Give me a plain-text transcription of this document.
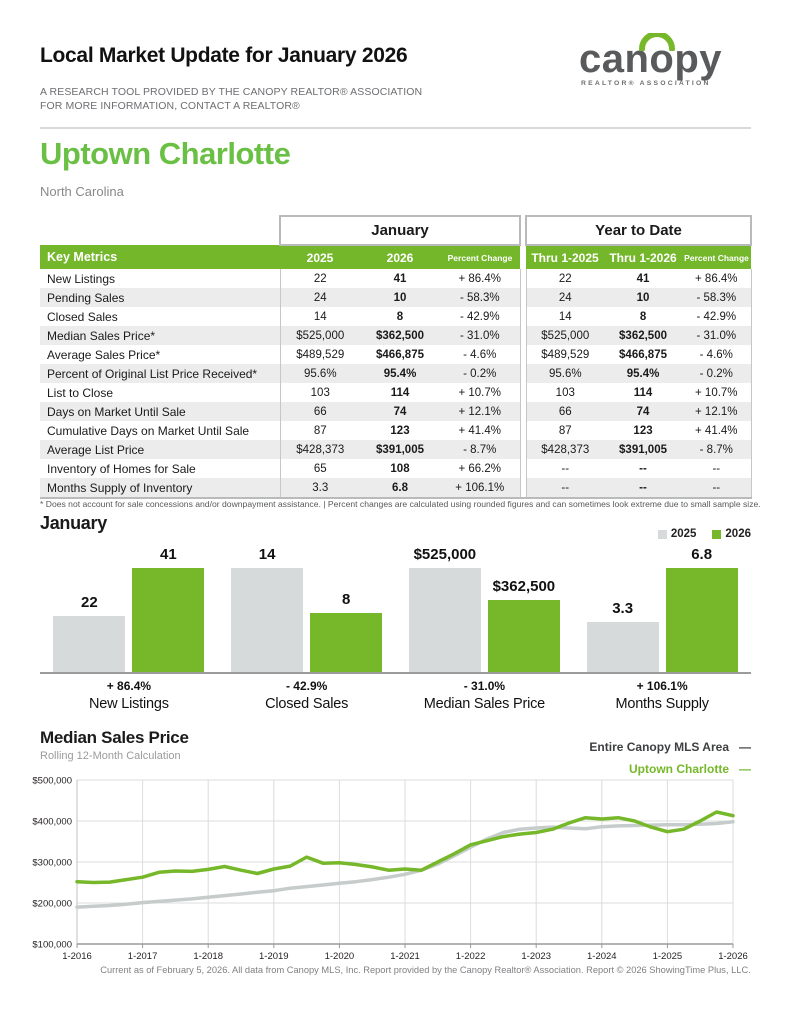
Local Market Update for January 2026
A RESEARCH TOOL PROVIDED BY THE CANOPY REALTOR® ASSOCIATION
FOR MORE INFORMATION, CONTACT A REALTOR®
canopy
REALTOR® ASSOCIATION
Uptown Charlotte
North Carolina
	January				Year to Date		
Key Metrics	2025	2026	Percent Change		Thru 1-2025	Thru 1-2026	Percent Change
New Listings	22	41	+ 86.4%		22	41	+ 86.4%
Pending Sales	24	10	- 58.3%		24	10	- 58.3%
Closed Sales	14	8	- 42.9%		14	8	- 42.9%
Median Sales Price*	$525,000	$362,500	- 31.0%		$525,000	$362,500	- 31.0%
Average Sales Price*	$489,529	$466,875	- 4.6%		$489,529	$466,875	- 4.6%
Percent of Original List Price Received*	95.6%	95.4%	- 0.2%		95.6%	95.4%	- 0.2%
List to Close	103	114	+ 10.7%		103	114	+ 10.7%
Days on Market Until Sale	66	74	+ 12.1%		66	74	+ 12.1%
Cumulative Days on Market Until Sale	87	123	+ 41.4%		87	123	+ 41.4%
Average List Price	$428,373	$391,005	- 8.7%		$428,373	$391,005	- 8.7%
Inventory of Homes for Sale	65	108	+ 66.2%		--	--	--
Months Supply of Inventory	3.3	6.8	+ 106.1%		--	--	--
* Does not account for sale concessions and/or downpayment assistance. | Percent changes are calculated using rounded figures and can sometimes look extreme due to small sample size.
January
2025	2026
22
41	14
8
$525,000
$362,500
3.3
6.8
+ 86.4%
New Listings
- 42.9%
Closed Sales
- 31.0%
Median Sales Price
+ 106.1%
Months Supply
Median Sales Price
Rolling 12-Month Calculation
Entire Canopy MLS Area —
Uptown Charlotte —
1-2016	1-2017	1-2018	1-2019	1-2020	1-2021	1-2022	1-2023	1-2024	1-2025	1-2026
$100,000
$200,000
$300,000
$400,000
$500,000
Current as of February 5, 2026. All data from Canopy MLS, Inc. Report provided by the Canopy Realtor® Association. Report © 2026 ShowingTime Plus, LLC.
